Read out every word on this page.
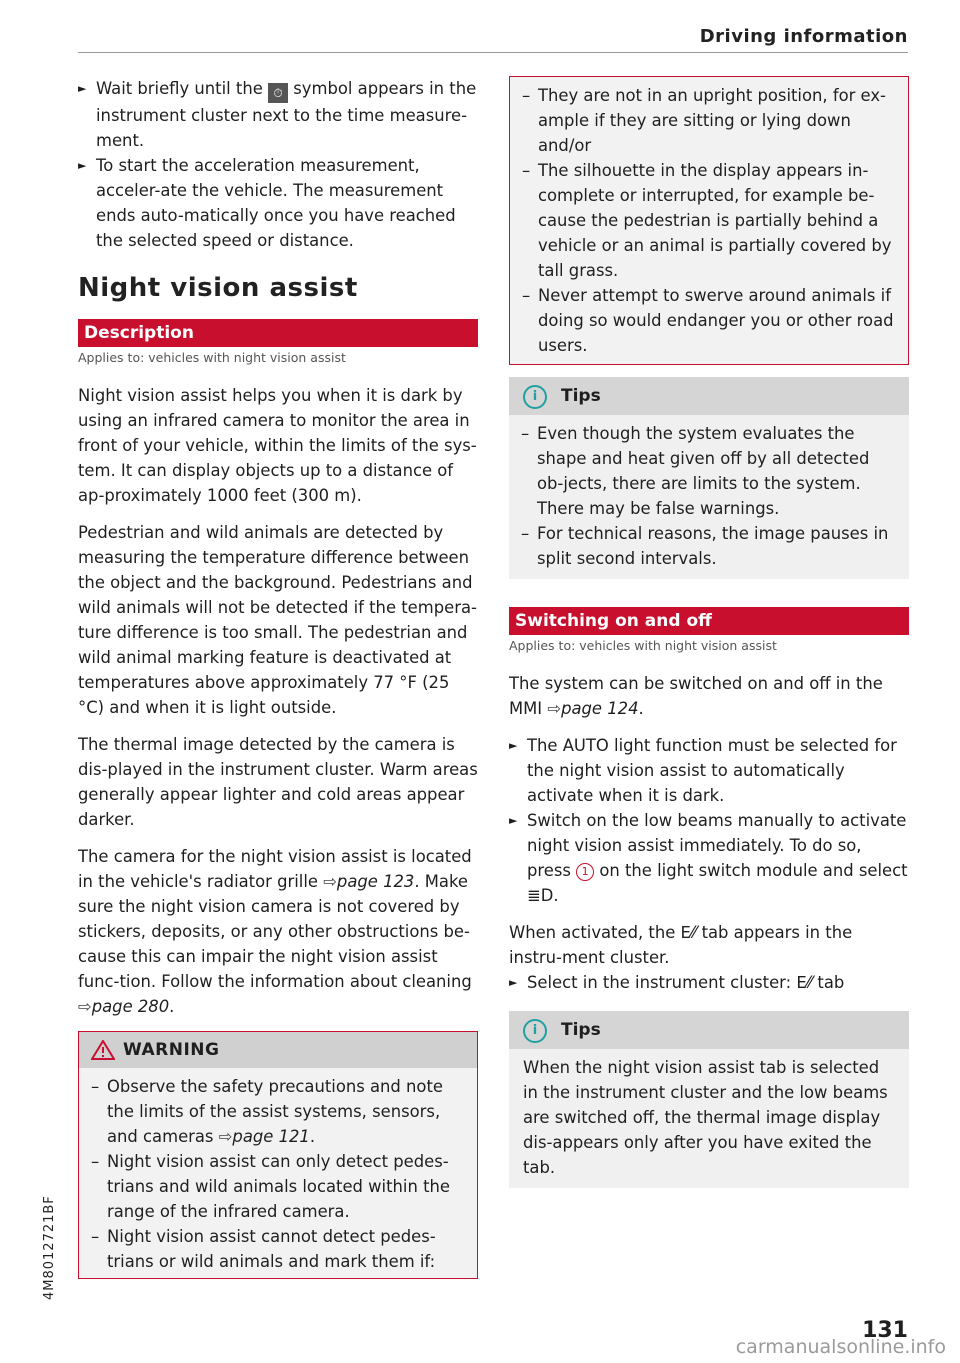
Driving information

► Wait briefly until the ⏱ symbol appears in the instrument cluster next to the time measure-ment.

► To start the acceleration measurement, acceler-ate the vehicle. The measurement ends auto-matically once you have reached the selected speed or distance.

Night vision assist
Description

Applies to: vehicles with night vision assist

Night vision assist helps you when it is dark by using an infrared camera to monitor the area in front of your vehicle, within the limits of the sys-tem. It can display objects up to a distance of ap-proximately 1000 feet (300 m).

Pedestrian and wild animals are detected by measuring the temperature difference between the object and the background. Pedestrians and wild animals will not be detected if the tempera-ture difference is too small. The pedestrian and wild animal marking feature is deactivated at temperatures above approximately 77 °F (25 °C) and when it is light outside.

The thermal image detected by the camera is dis-played in the instrument cluster. Warm areas generally appear lighter and cold areas appear darker.

The camera for the night vision assist is located in the vehicle's radiator grille ⇨page 123. Make sure the night vision camera is not covered by stickers, deposits, or any other obstructions be-cause this can impair the night vision assist func-tion. Follow the information about cleaning ⇨page 280.

WARNING

– Observe the safety precautions and note the limits of the assist systems, sensors, and cameras ⇨page 121.

– Night vision assist can only detect pedes-trians and wild animals located within the range of the infrared camera.

– Night vision assist cannot detect pedes-trians or wild animals and mark them if:

– They are not in an upright position, for ex-ample if they are sitting or lying down and/or

– The silhouette in the display appears in-complete or interrupted, for example be-cause the pedestrian is partially behind a vehicle or an animal is partially covered by tall grass.

– Never attempt to swerve around animals if doing so would endanger you or other road users.

i	Tips

– Even though the system evaluates the shape and heat given off by all detected ob-jects, there are limits to the system. There may be false warnings.

– For technical reasons, the image pauses in split second intervals.

Switching on and off

Applies to: vehicles with night vision assist

The system can be switched on and off in the MMI ⇨page 124.

► The AUTO light function must be selected for the night vision assist to automatically activate when it is dark.

► Switch on the low beams manually to activate night vision assist immediately. To do so, press 1 on the light switch module and select
≣D.

When activated, the ⴹ⁄⁄ tab appears in the instru-ment cluster.

► Select in the instrument cluster: ⴹ⁄⁄ tab

i	Tips

When the night vision assist tab is selected in the instrument cluster and the low beams are switched off, the thermal image display dis-appears only after you have exited the tab.

4M8012721BF
131
carmanualsonline.info
